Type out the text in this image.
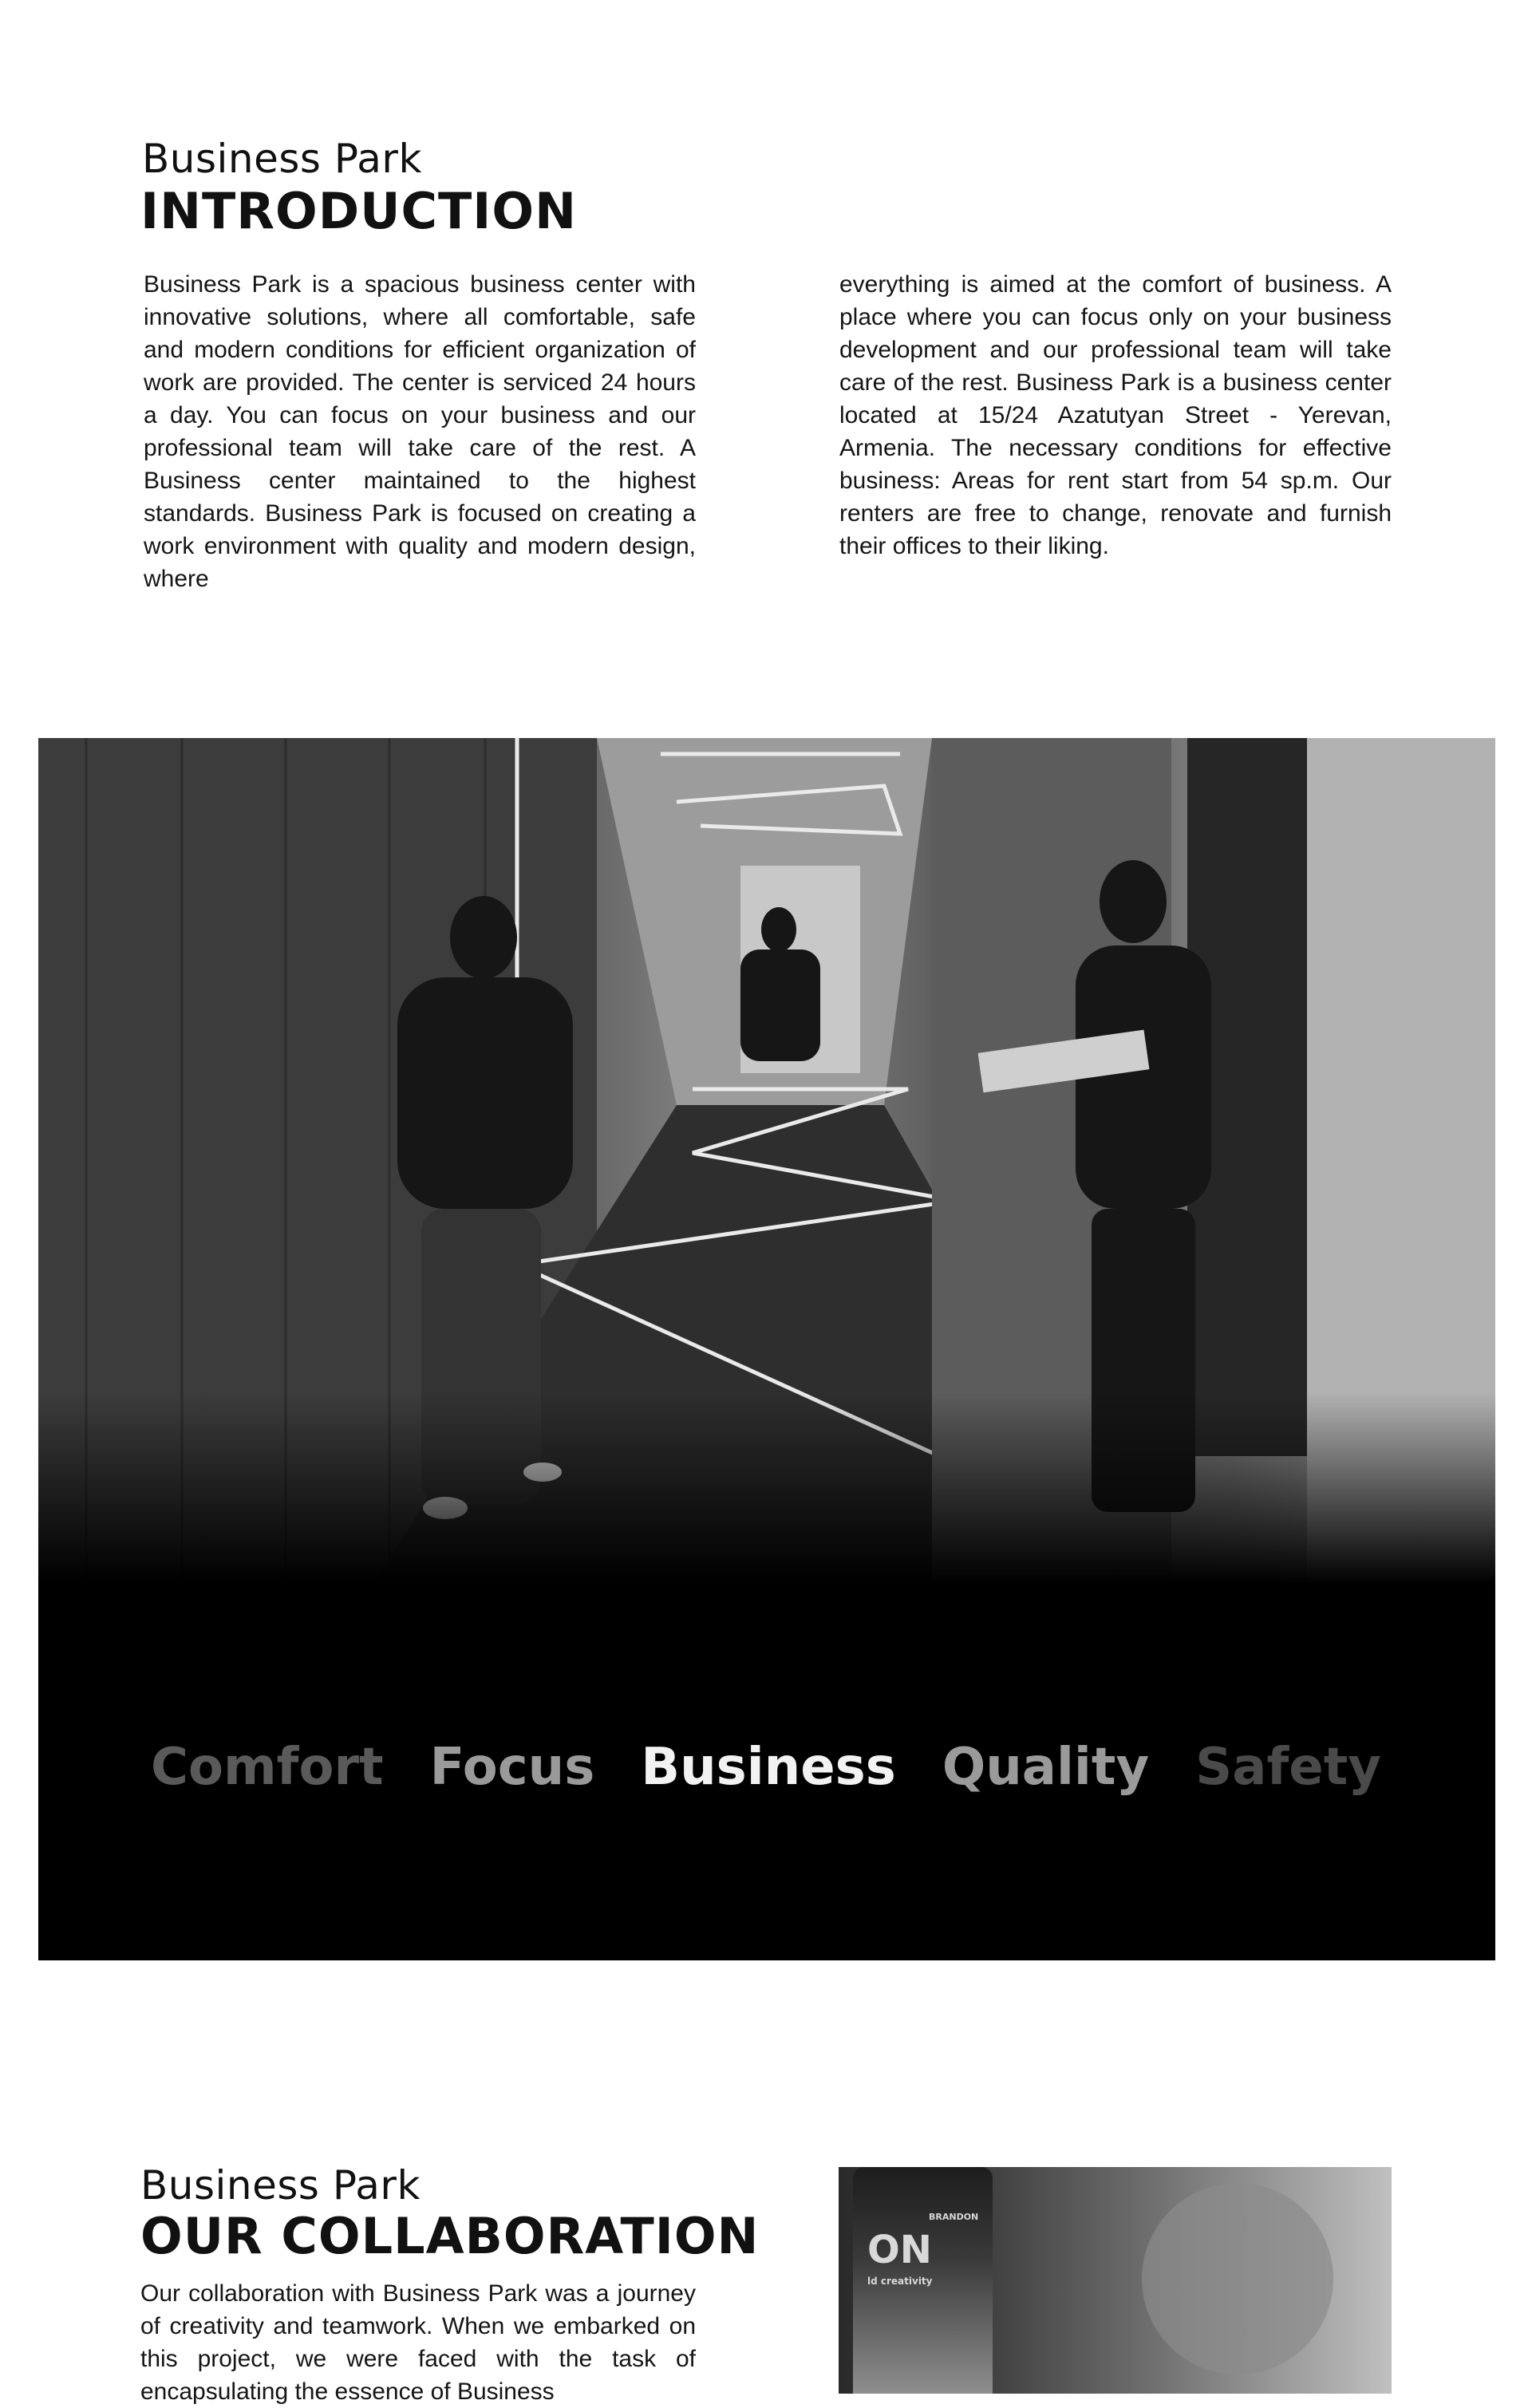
Business Park
INTRODUCTION

Business Park is a spacious business center with innovative solutions, where all comfortable, safe and modern conditions for efficient organization of work are provided. The center is serviced 24 hours a day. You can focus on your business and our professional team will take care of the rest. A Business center maintained to the highest standards. Business Park is focused on creating a work environment with quality and modern design, where

everything is aimed at the comfort of business. A place where you can focus only on your business development and our professional team will take care of the rest. Business Park is a business center located at 15/24 Azatutyan Street - Yerevan, Armenia. The necessary conditions for effective business: Areas for rent start from 54 sp.m. Our renters are free to change, renovate and furnish their offices to their liking.

Comfort Focus Business Quality Safety
Business Park
OUR COLLABORATION

Our collaboration with Business Park was a journey of creativity and teamwork. When we embarked on this project, we were faced with the task of encapsulating the essence of Business

BRANDON
ON
ld creativity
